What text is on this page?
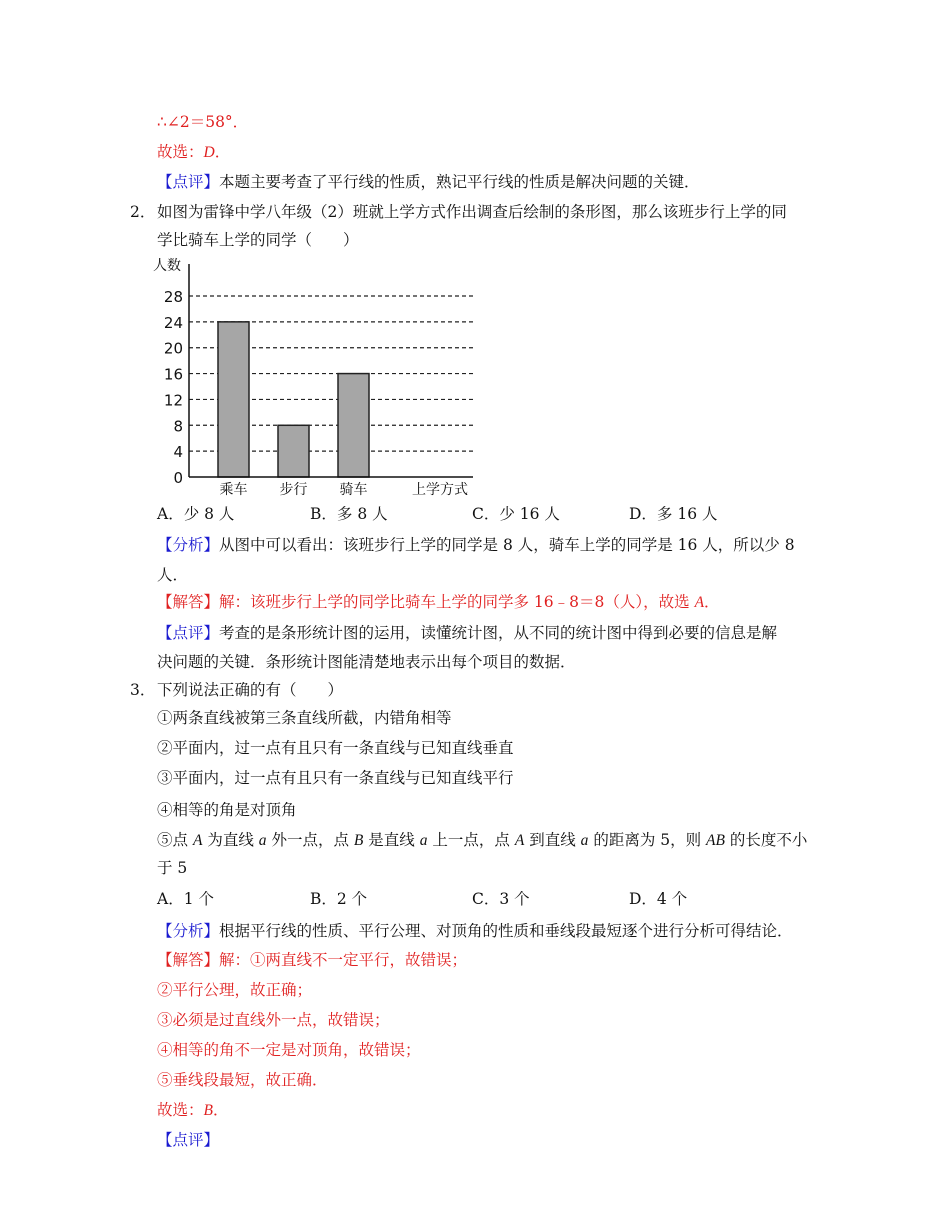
∴∠2＝58°．
故选：D．
【点评】本题主要考查了平行线的性质，熟记平行线的性质是解决问题的关键．
2． 如图为雷锋中学八年级（2）班就上学方式作出调查后绘制的条形图，那么该班步行上学的同
学比骑车上学的同学（　　）
【分析】从图中可以看出：该班步行上学的同学是 8 人，骑车上学的同学是 16 人，所以少 8
人．
【解答】解：该班步行上学的同学比骑车上学的同学多 16﹣8＝8（人），故选 A．
【点评】考查的是条形统计图的运用，读懂统计图，从不同的统计图中得到必要的信息是解
决问题的关键．条形统计图能清楚地表示出每个项目的数据．
3． 下列说法正确的有（　　）
①两条直线被第三条直线所截，内错角相等
②平面内，过一点有且只有一条直线与已知直线垂直
③平面内，过一点有且只有一条直线与已知直线平行
④相等的角是对顶角
⑤点 A 为直线 a 外一点，点 B 是直线 a 上一点，点 A 到直线 a 的距离为 5，则 AB 的长度不小
于 5
【分析】根据平行线的性质、平行公理、对顶角的性质和垂线段最短逐个进行分析可得结论．
【解答】解：①两直线不一定平行，故错误；
②平行公理，故正确；
③必须是过直线外一点，故错误；
④相等的角不一定是对顶角，故错误；
⑤垂线段最短，故正确．
故选：B．
【点评】
A．少 8 人	B．多 8 人	C．少 16 人	D．多 16 人
A．1 个	B．2 个	C．3 个	D．4 个
0
4
8
12
16
20
24
28
乘车 步行 骑车
人数
上学方式
